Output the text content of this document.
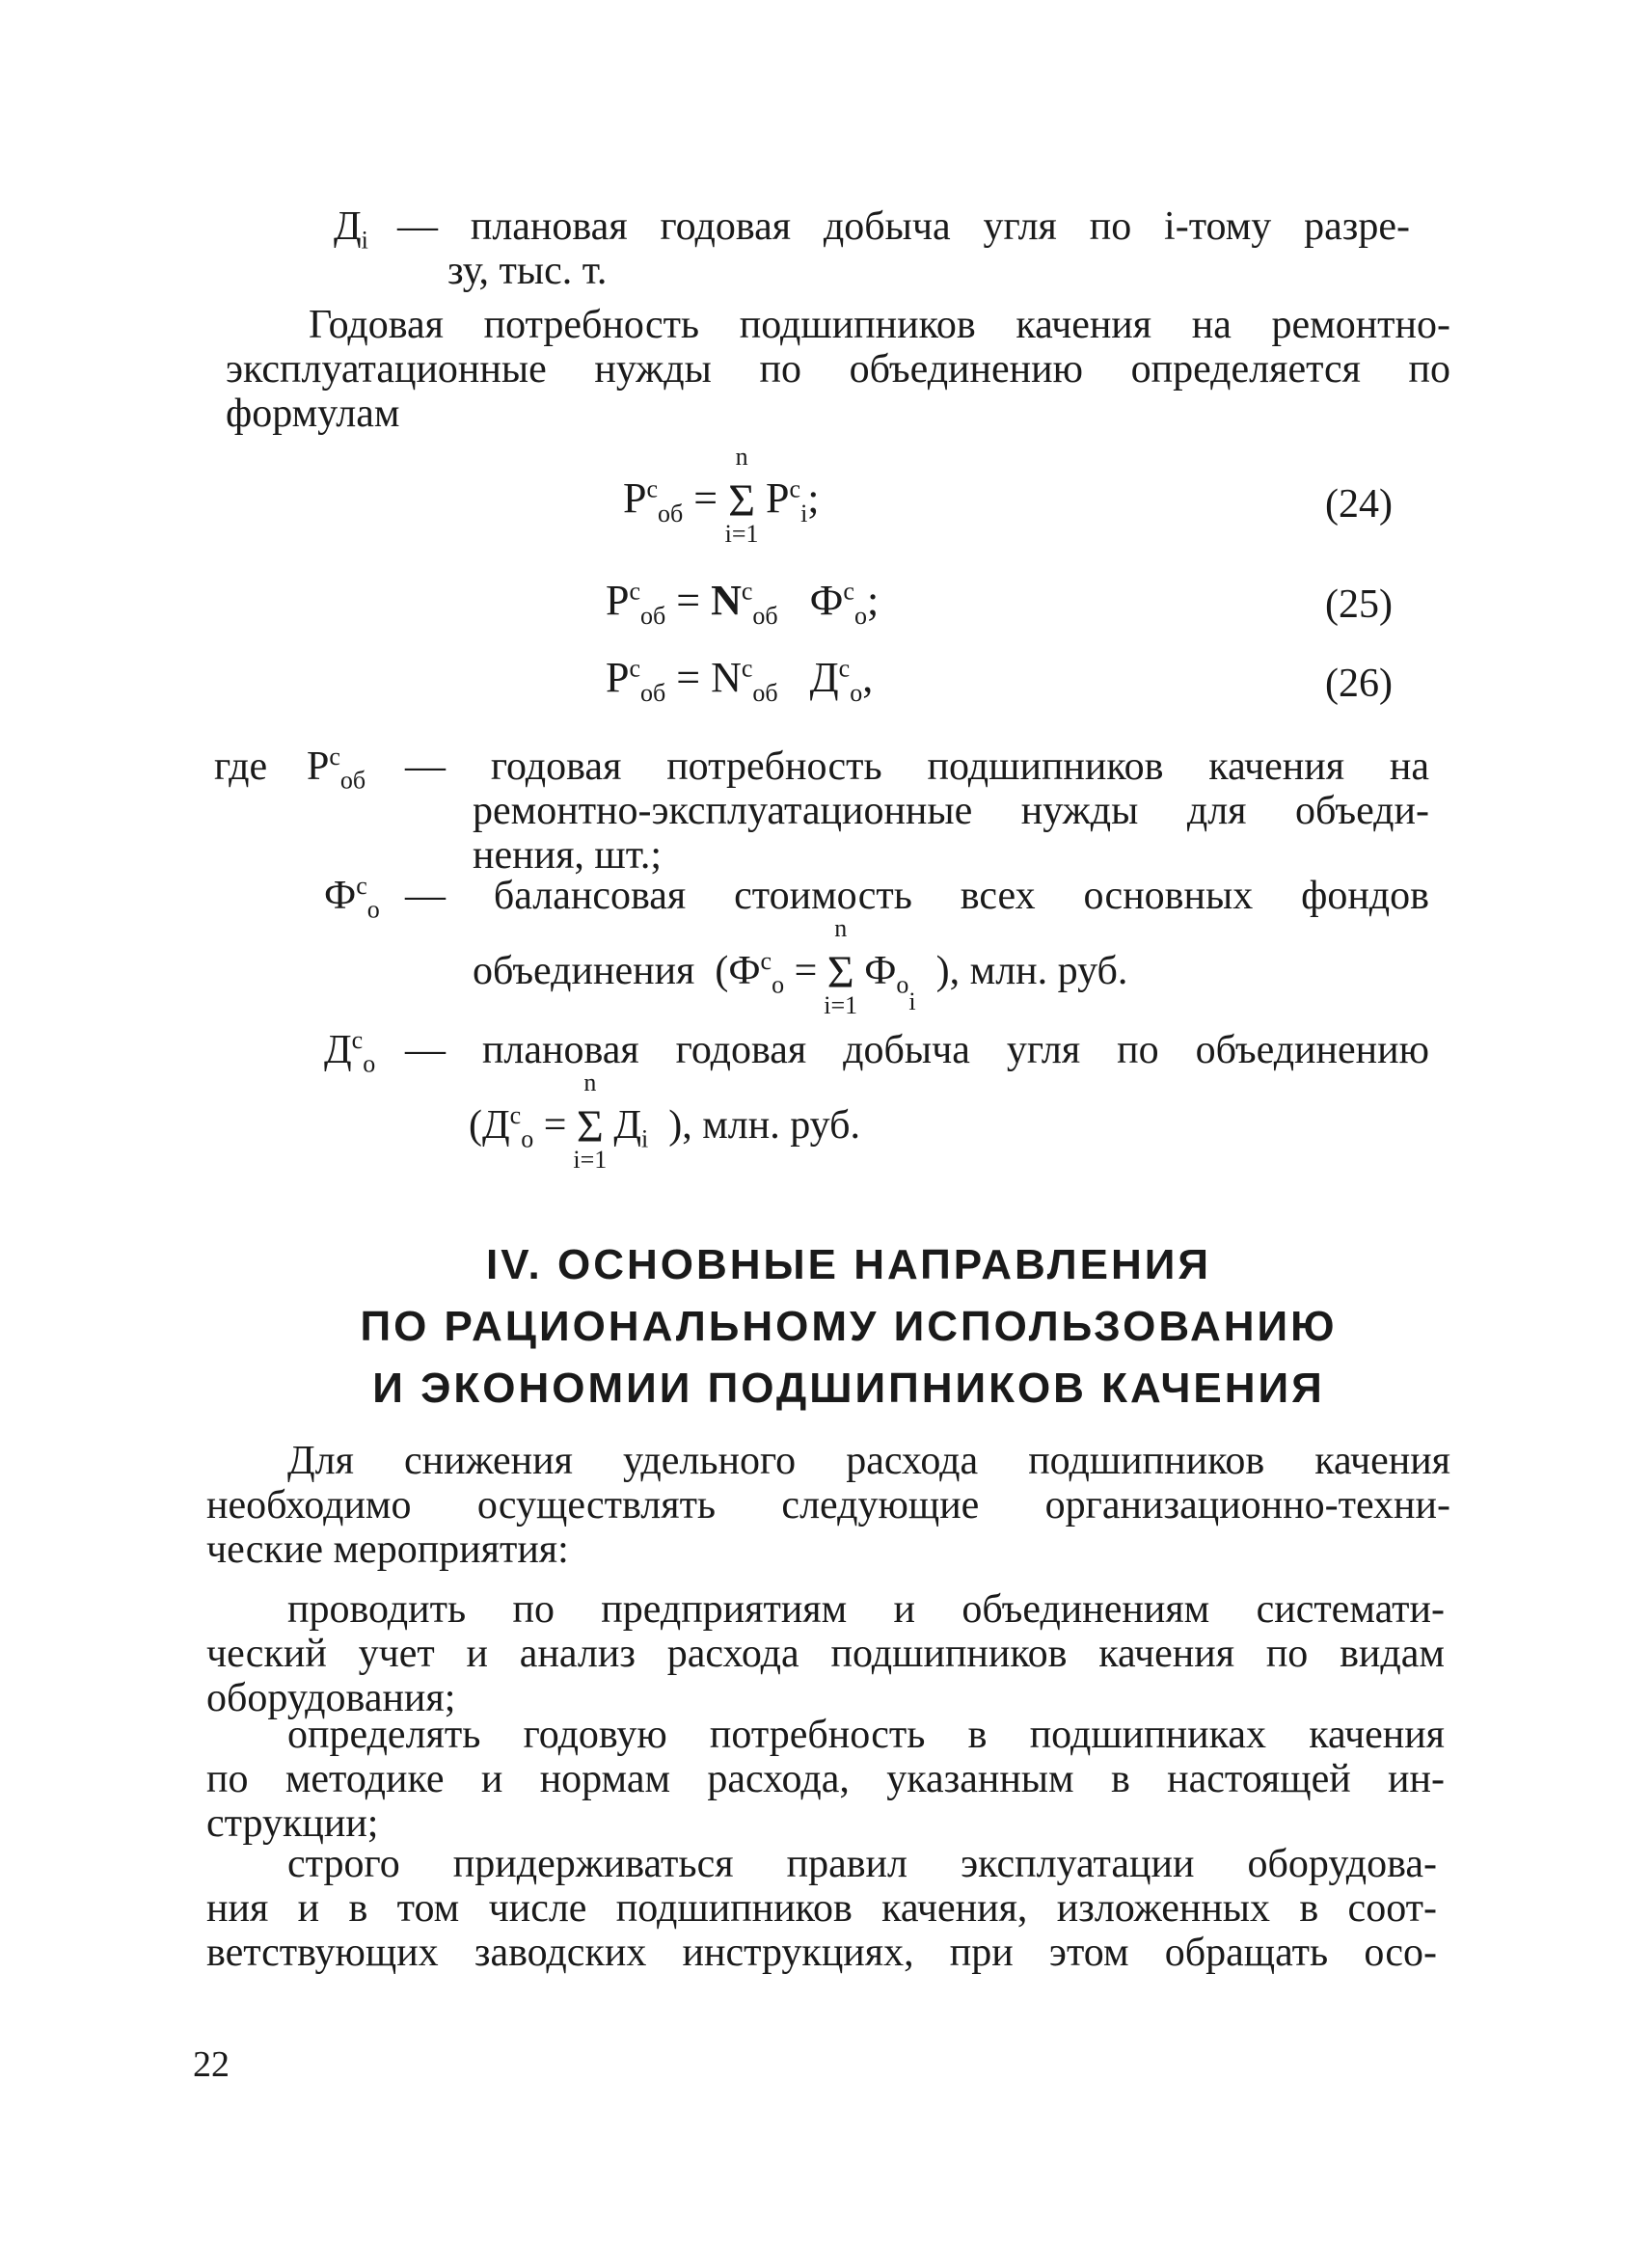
$Д_i$ — плановая годовая добыча угля по i-тому разре-
зу, тыс. т.
Годовая потребность подшипников качения на ремонтно-
эксплуатационные нужды по объединению определяется по
формулам
$P^с_{об}$ =
n
Σ
i=1
$P^с_i$;	(24)
$P^с_{об} = N^с_{об}$ $Ф^с_о$;	(25)
$P^с_{об} = N^с_{об}$ $Д^с_о$,	(26)
где $P^с_{об}$ — годовая потребность подшипников качения на
ремонтно-эксплуатационные нужды для объеди-
нения, шт.;
$Ф^с_о$ — балансовая стоимость всех основных фондов
объединения ($Ф^с_о$ =
n
Σ
i=1
$Ф_{оi}$  ), млн. руб.
$Д^с_о$ — плановая годовая добыча угля по объединению
($Д^с_о$ =
n
Σ
i=1
$Д_i$ ), млн. руб.
IV. ОСНОВНЫЕ НАПРАВЛЕНИЯ
ПО РАЦИОНАЛЬНОМУ ИСПОЛЬЗОВАНИЮ
И ЭКОНОМИИ ПОДШИПНИКОВ КАЧЕНИЯ
Для снижения удельного расхода подшипников качения
необходимо осуществлять следующие организационно-техни-
ческие мероприятия:
проводить по предприятиям и объединениям системати-
ческий учет и анализ расхода подшипников качения по видам
оборудования;
определять годовую потребность в подшипниках качения
по методике и нормам расхода, указанным в настоящей ин-
струкции;
строго придерживаться правил эксплуатации оборудова-
ния и в том числе подшипников качения, изложенных в соот-
ветствующих заводских инструкциях, при этом обращать осо-
22
